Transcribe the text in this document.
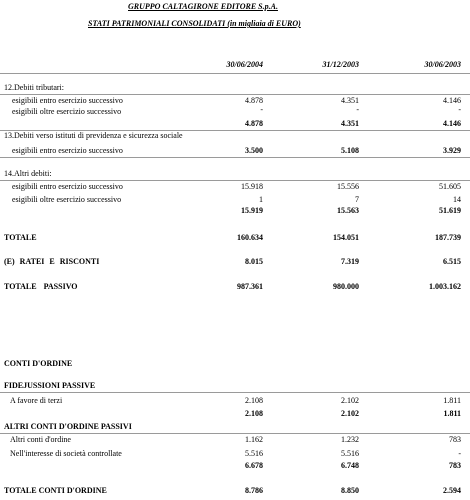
GRUPPO CALTAGIRONE EDITORE S.p.A.
STATI PATRIMONIALI CONSOLIDATI (in migliaia di EURO)
30/06/2004	31/12/2003	30/06/2003
12.Debiti tributari:
esigibili entro esercizio successivo	4.878	4.351	4.146
esigibili oltre esercizio successivo	-	-	-
4.878	4.351	4.146
13.Debiti verso istituti di previdenza e sicurezza sociale
esigibili entro esercizio successivo	3.500	5.108	3.929
14.Altri debiti:
esigibili entro esercizio successivo	15.918	15.556	51.605
esigibili oltre esercizio successivo	1	7	14
15.919	15.563	51.619
TOTALE	160.634	154.051	187.739
(E) RATEI E RISCONTI	8.015	7.319	6.515
TOTALE PASSIVO	987.361	980.000	1.003.162
CONTI D'ORDINE
FIDEJUSSIONI PASSIVE
A favore di terzi	2.108	2.102	1.811
2.108	2.102	1.811
ALTRI CONTI D'ORDINE PASSIVI
Altri conti d'ordine	1.162	1.232	783
Nell'interesse di società controllate	5.516	5.516	-
6.678	6.748	783
TOTALE CONTI D'ORDINE	8.786	8.850	2.594
